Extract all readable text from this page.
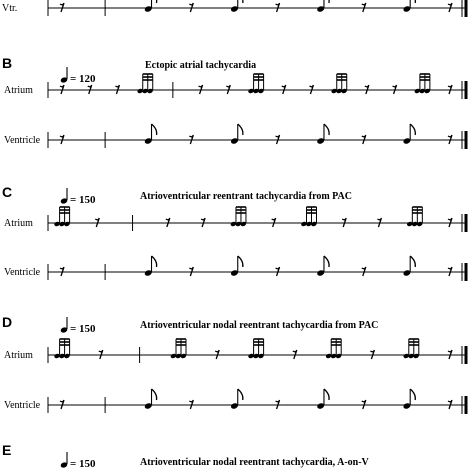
Vtr.
B	Ectopic atrial tachycardia
= 120
Atrium
Ventricle
C	Atrioventricular reentrant tachycardia from PAC
= 150
Atrium
Ventricle
D	Atrioventricular nodal reentrant tachycardia from PAC
= 150
Atrium
Ventricle
E
Atrioventricular nodal reentrant tachycardia, A-on-V
= 150
